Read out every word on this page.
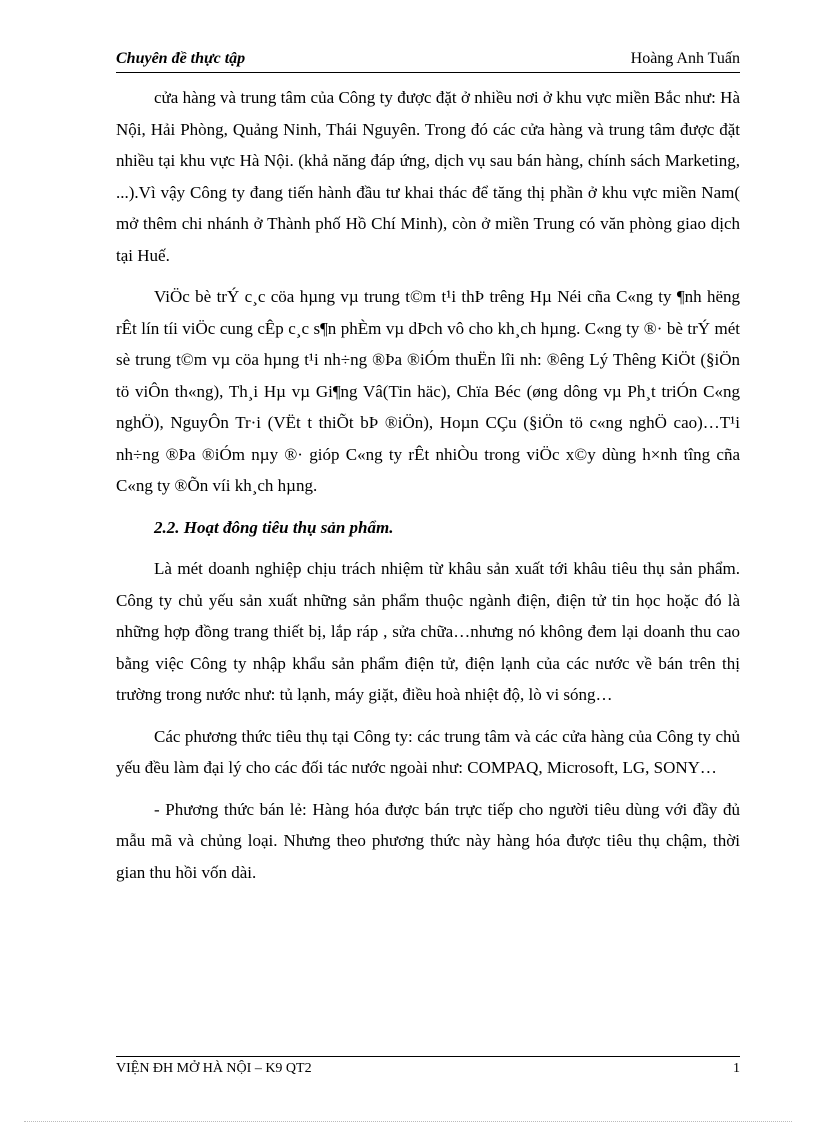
Chuyên đề thực tập	Hoàng Anh Tuấn

cửa hàng và trung tâm của Công ty được đặt ở nhiều nơi ở khu vực miền Bắc như: Hà Nội, Hải Phòng, Quảng Ninh, Thái Nguyên. Trong đó các cửa hàng và trung tâm được đặt nhiều tại khu vực Hà Nội. (khả năng đáp ứng, dịch vụ sau bán hàng, chính sách Marketing, ...).Vì vậy Công ty đang tiến hành đầu tư khai thác để tăng thị phần ở khu vực miền Nam( mở thêm chi nhánh ở Thành phố Hồ Chí Minh), còn ở miền Trung có văn phòng giao dịch tại Huế.

ViÖc bè trÝ c¸c cöa hµng vµ trung t©m t¹i thÞ trêng Hµ Néi cña C«ng ty ¶nh hëng rÊt lín tíi viÖc cung cÊp c¸c s¶n phÈm vµ dÞch vô cho kh¸ch hµng. C«ng ty ®· bè trÝ mét sè trung t©m vµ cöa hµng t¹i nh÷ng ®Þa ®iÓm thuËn lîi nh: ®êng Lý Thêng KiÖt (§iÖn tö viÔn th«ng), Th¸i Hµ vµ Gi¶ng Vâ(Tin häc), Chïa Béc (øng dông vµ Ph¸t triÓn C«ng nghÖ), NguyÔn Tr·i (VËt t thiÕt bÞ ®iÖn), Hoµn CÇu (§iÖn tö c«ng nghÖ cao)…T¹i nh÷ng ®Þa ®iÓm nµy ®· gióp C«ng ty rÊt nhiÒu trong viÖc x©y dùng h×nh tîng cña C«ng ty ®Õn víi kh¸ch hµng.

2.2. Hoạt đông tiêu thụ sản phẩm.

Là mét doanh nghiệp chịu trách nhiệm từ khâu sản xuất tới khâu tiêu thụ sản phẩm. Công ty chủ yếu sản xuất những sản phẩm thuộc ngành điện, điện tử tin học hoặc đó là những hợp đồng trang thiết bị, lắp ráp , sửa chữa…nhưng nó không đem lại doanh thu cao bằng việc Công ty nhập khẩu sản phẩm điện tử, điện lạnh của các nước về bán trên thị trường trong nước như: tủ lạnh, máy giặt, điều hoà nhiệt độ, lò vi sóng…

Các phương thức tiêu thụ tại Công ty: các trung tâm và các cửa hàng của Công ty chủ yếu đều làm đại lý cho các đối tác nước ngoài như: COMPAQ, Microsoft, LG, SONY…

- Phương thức bán lẻ: Hàng hóa được bán trực tiếp cho người tiêu dùng với đầy đủ mẫu mã và chủng loại. Nhưng theo phương thức này hàng hóa được tiêu thụ chậm, thời gian thu hồi vốn dài.

VIỆN ĐH MỞ HÀ NỘI – K9 QT2	1
